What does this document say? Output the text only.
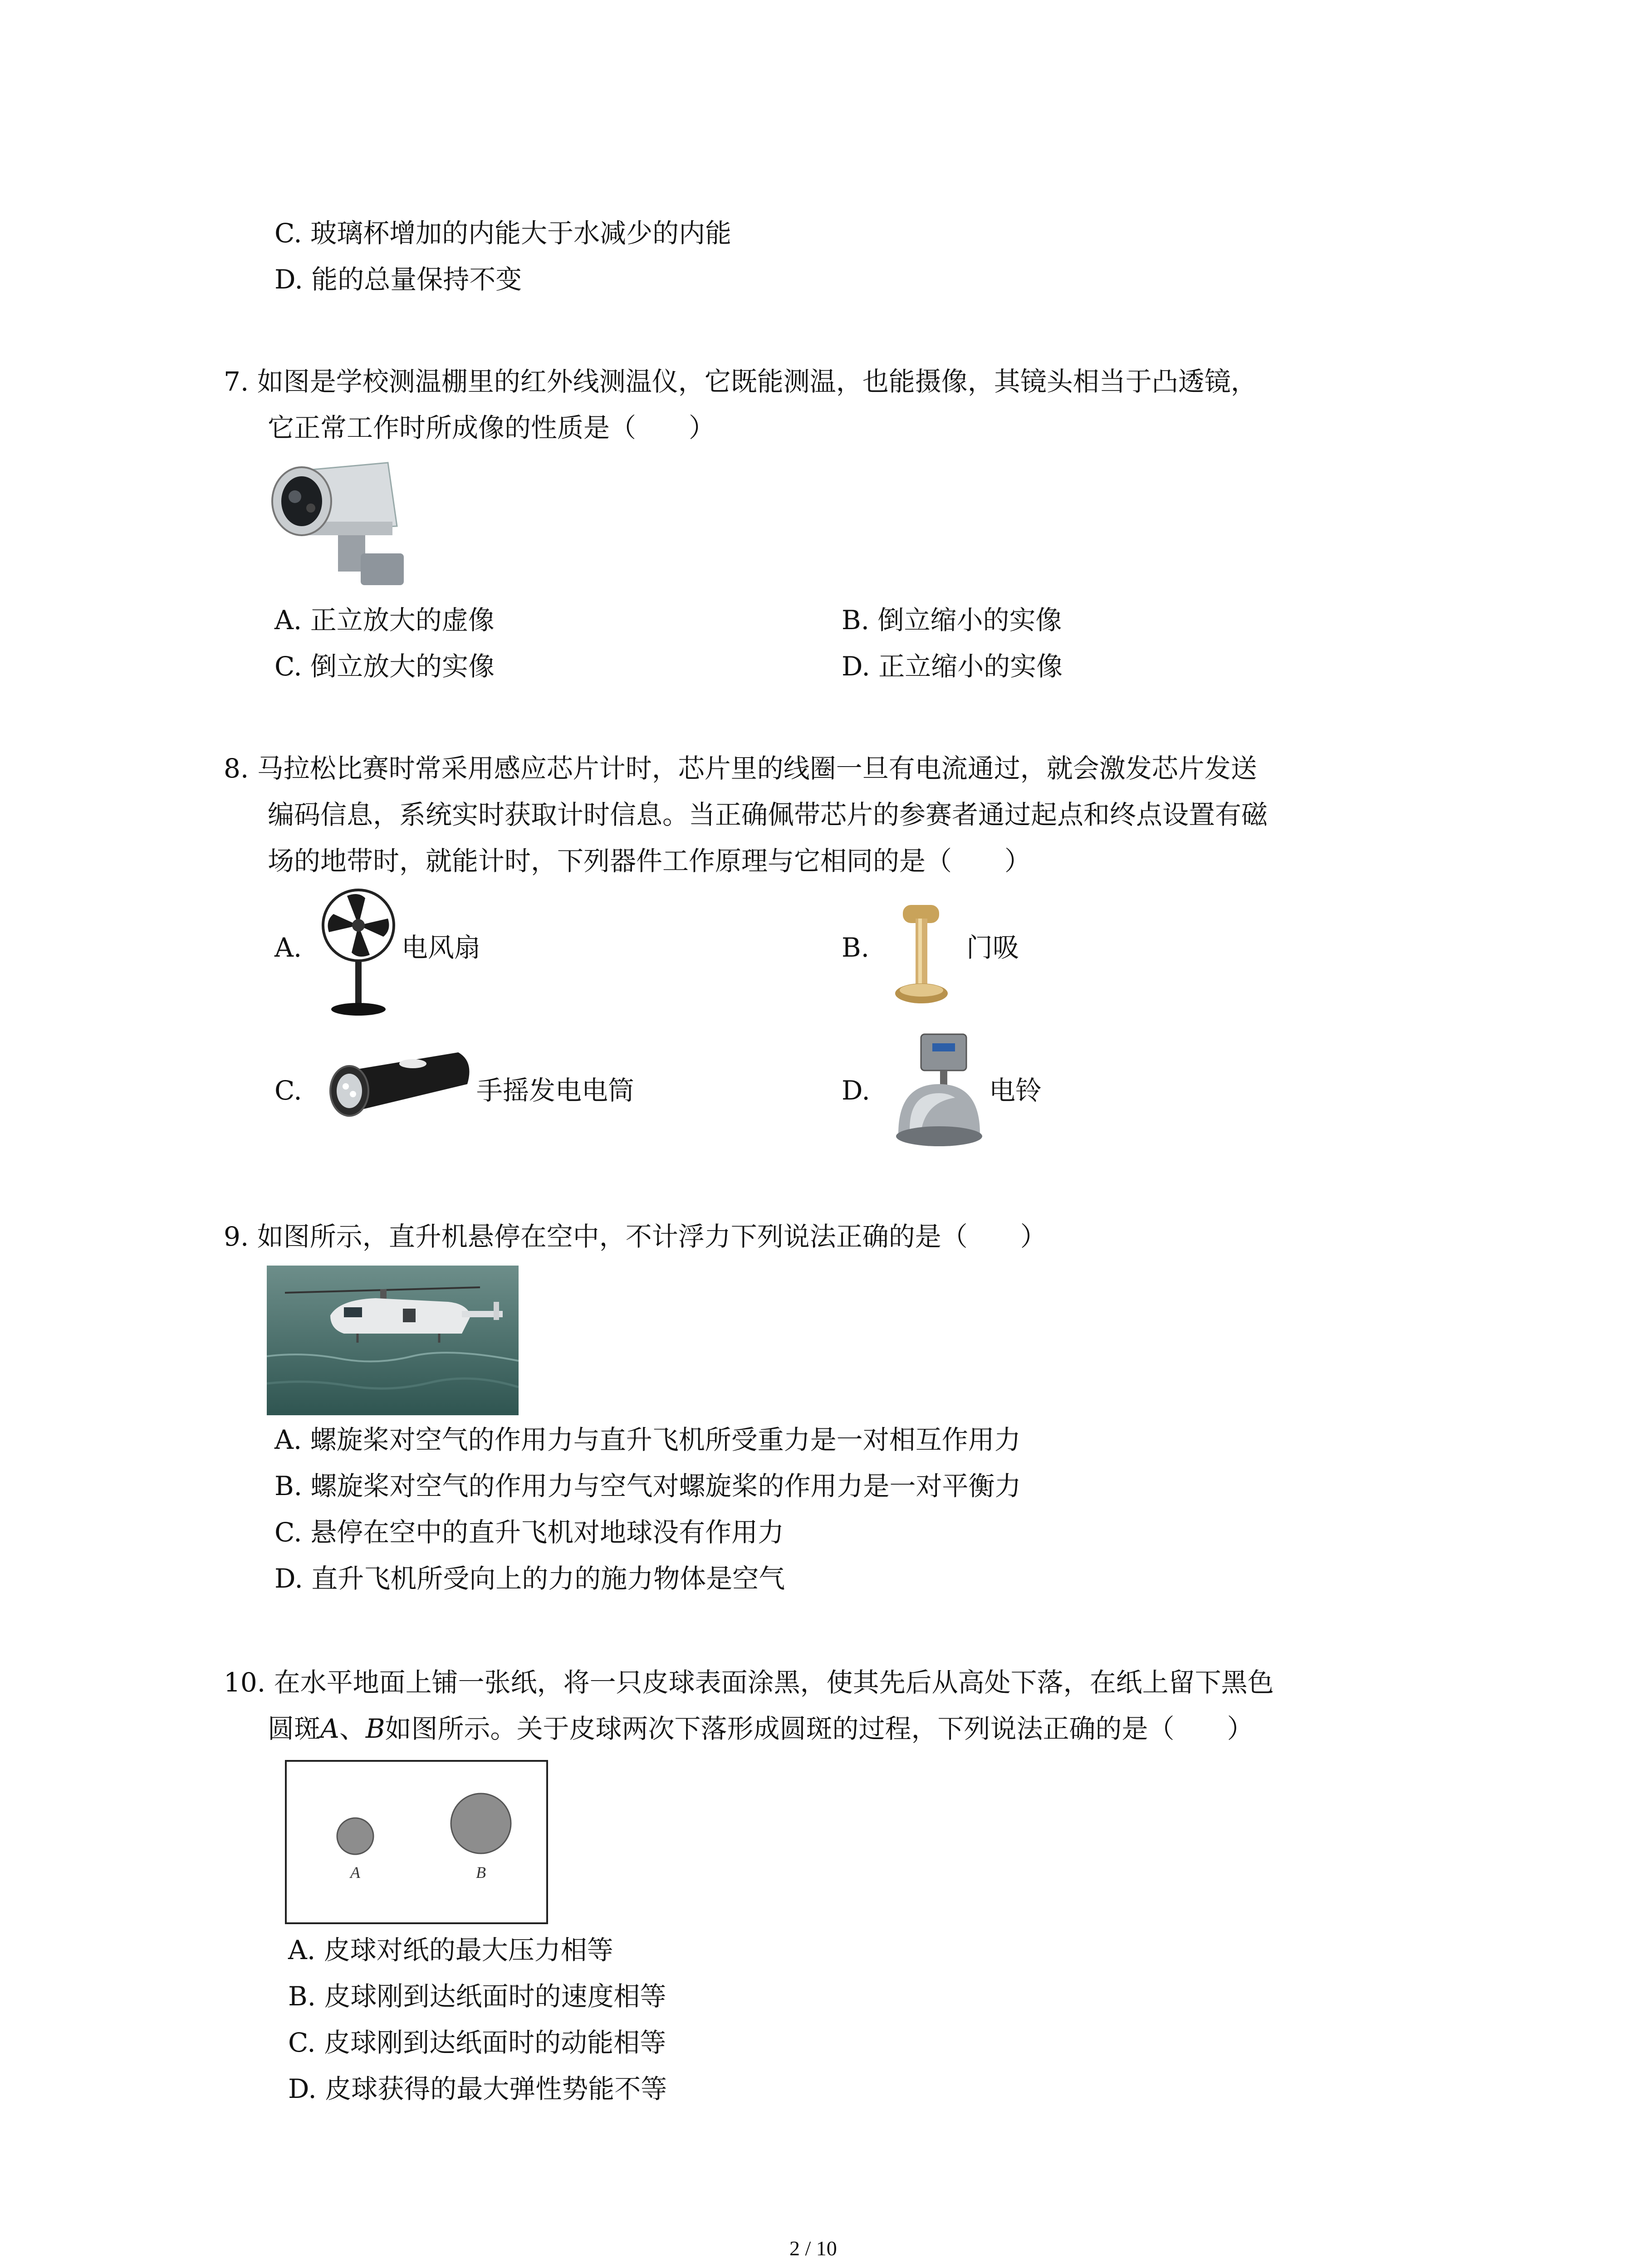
C. 玻璃杯增加的内能大于水减少的内能
D. 能的总量保持不变
7. 如图是学校测温棚里的红外线测温仪，它既能测温，也能摄像，其镜头相当于凸透镜，
它正常工作时所成像的性质是（　　）
A. 正立放大的虚像	B. 倒立缩小的实像
C. 倒立放大的实像	D. 正立缩小的实像
8. 马拉松比赛时常采用感应芯片计时，芯片里的线圈一旦有电流通过，就会激发芯片发送
编码信息，系统实时获取计时信息。当正确佩带芯片的参赛者通过起点和终点设置有磁
场的地带时，就能计时，下列器件工作原理与它相同的是（　　）
A.	电风扇	B.	门吸
C.	手摇发电电筒	D.	电铃
9. 如图所示，直升机悬停在空中，不计浮力下列说法正确的是（　　）
A. 螺旋桨对空气的作用力与直升飞机所受重力是一对相互作用力
B. 螺旋桨对空气的作用力与空气对螺旋桨的作用力是一对平衡力
C. 悬停在空中的直升飞机对地球没有作用力
D. 直升飞机所受向上的力的施力物体是空气
10. 在水平地面上铺一张纸，将一只皮球表面涂黑，使其先后从高处下落，在纸上留下黑色
圆斑A、B如图所示。关于皮球两次下落形成圆斑的过程，下列说法正确的是（　　）
A	B
A. 皮球对纸的最大压力相等
B. 皮球刚到达纸面时的速度相等
C. 皮球刚到达纸面时的动能相等
D. 皮球获得的最大弹性势能不等
2 / 10
